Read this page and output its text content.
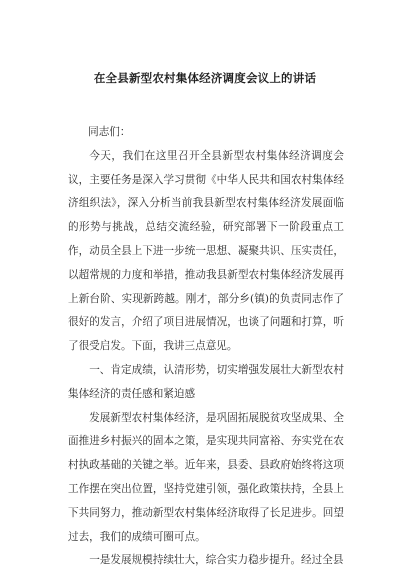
在全县新型农村集体经济调度会议上的讲话

同志们：

今天，我们在这里召开全县新型农村集体经济调度会议，主要任务是深入学习贯彻《中华人民共和国农村集体经济组织法》，深入分析当前我县新型农村集体经济发展面临的形势与挑战，总结交流经验，研究部署下一阶段重点工作，动员全县上下进一步统一思想、凝聚共识、压实责任，以超常规的力度和举措，推动我县新型农村集体经济发展再上新台阶、实现新跨越。刚才，部分乡(镇)的负责同志作了很好的发言，介绍了项目进展情况，也谈了问题和打算，听了很受启发。下面，我讲三点意见。

一、肯定成绩，认清形势，切实增强发展壮大新型农村集体经济的责任感和紧迫感

发展新型农村集体经济，是巩固拓展脱贫攻坚成果、全面推进乡村振兴的固本之策，是实现共同富裕、夯实党在农村执政基础的关键之举。近年来，县委、县政府始终将这项工作摆在突出位置，坚持党建引领，强化政策扶持，全县上下共同努力，推动新型农村集体经济取得了长足进步。回望过去，我们的成绩可圈可点。

一是发展规模持续壮大，综合实力稳步提升。经过全县
